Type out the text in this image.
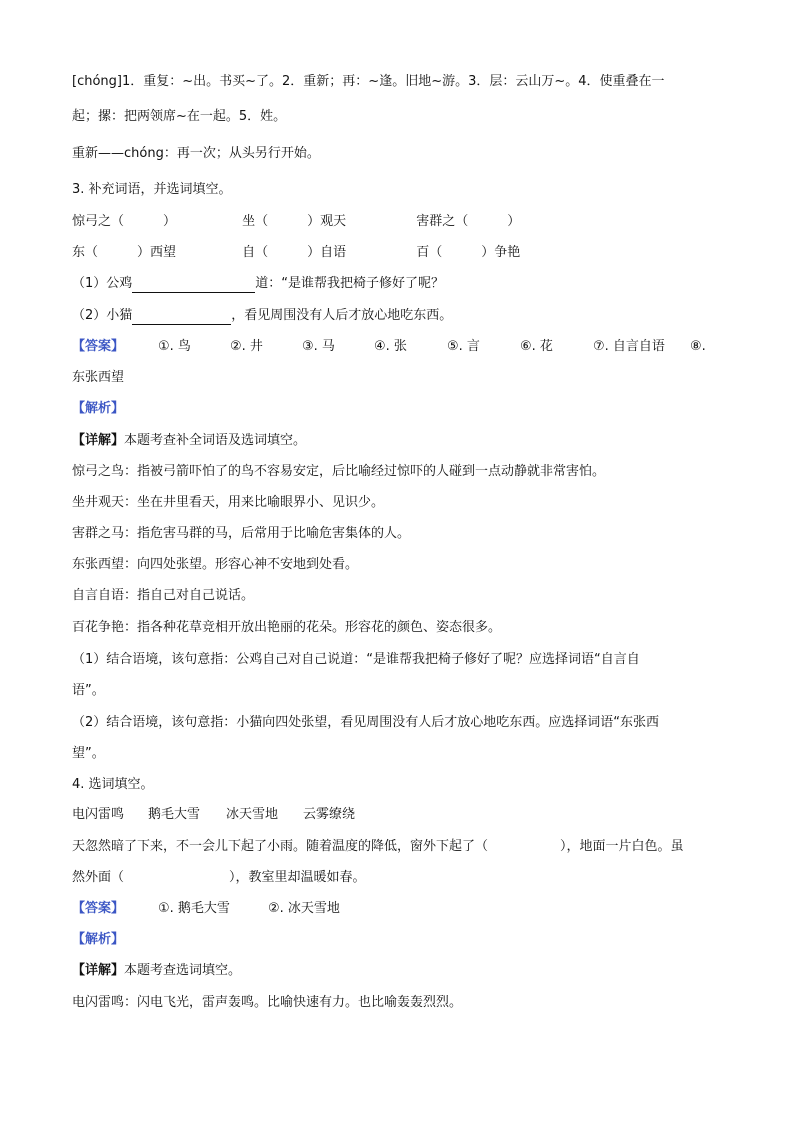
[chóng]1．重复：~出。书买~了。2．重新；再：~逢。旧地~游。3．层：云山万~。4．使重叠在一
起；摞：把两领席~在一起。5．姓。
重新——chóng：再一次；从头另行开始。
3. 补充词语，并选词填空。
惊弓之（　　　）	坐（　　　）观天	害群之（　　　）
东（　　　）西望	自（　　　）自语	百（　　　）争艳
（1）公鸡	道：“是谁帮我把椅子修好了呢？
（2）小猫	，看见周围没有人后才放心地吃东西。
【答案】	①. 鸟	②. 井	③. 马	④. 张	⑤. 言	⑥. 花	⑦. 自言自语 ⑧.
东张西望
【解析】
【详解】本题考查补全词语及选词填空。
惊弓之鸟：指被弓箭吓怕了的鸟不容易安定，后比喻经过惊吓的人碰到一点动静就非常害怕。
坐井观天：坐在井里看天，用来比喻眼界小、见识少。
害群之马：指危害马群的马，后常用于比喻危害集体的人。
东张西望：向四处张望。形容心神不安地到处看。
自言自语：指自己对自己说话。
百花争艳：指各种花草竞相开放出艳丽的花朵。形容花的颜色、姿态很多。
（1）结合语境，该句意指：公鸡自己对自己说道：“是谁帮我把椅子修好了呢？应选择词语“自言自
语”。
（2）结合语境，该句意指：小猫向四处张望，看见周围没有人后才放心地吃东西。应选择词语“东张西
望”。
4. 选词填空。
电闪雷鸣 鹅毛大雪 冰天雪地 云雾缭绕
天忽然暗了下来，不一会儿下起了小雨。随着温度的降低，窗外下起了（	），地面一片白色。虽
然外面（	），教室里却温暖如春。
【答案】	①. 鹅毛大雪	②. 冰天雪地
【解析】
【详解】本题考查选词填空。
电闪雷鸣：闪电飞光，雷声轰鸣。比喻快速有力。也比喻轰轰烈烈。
